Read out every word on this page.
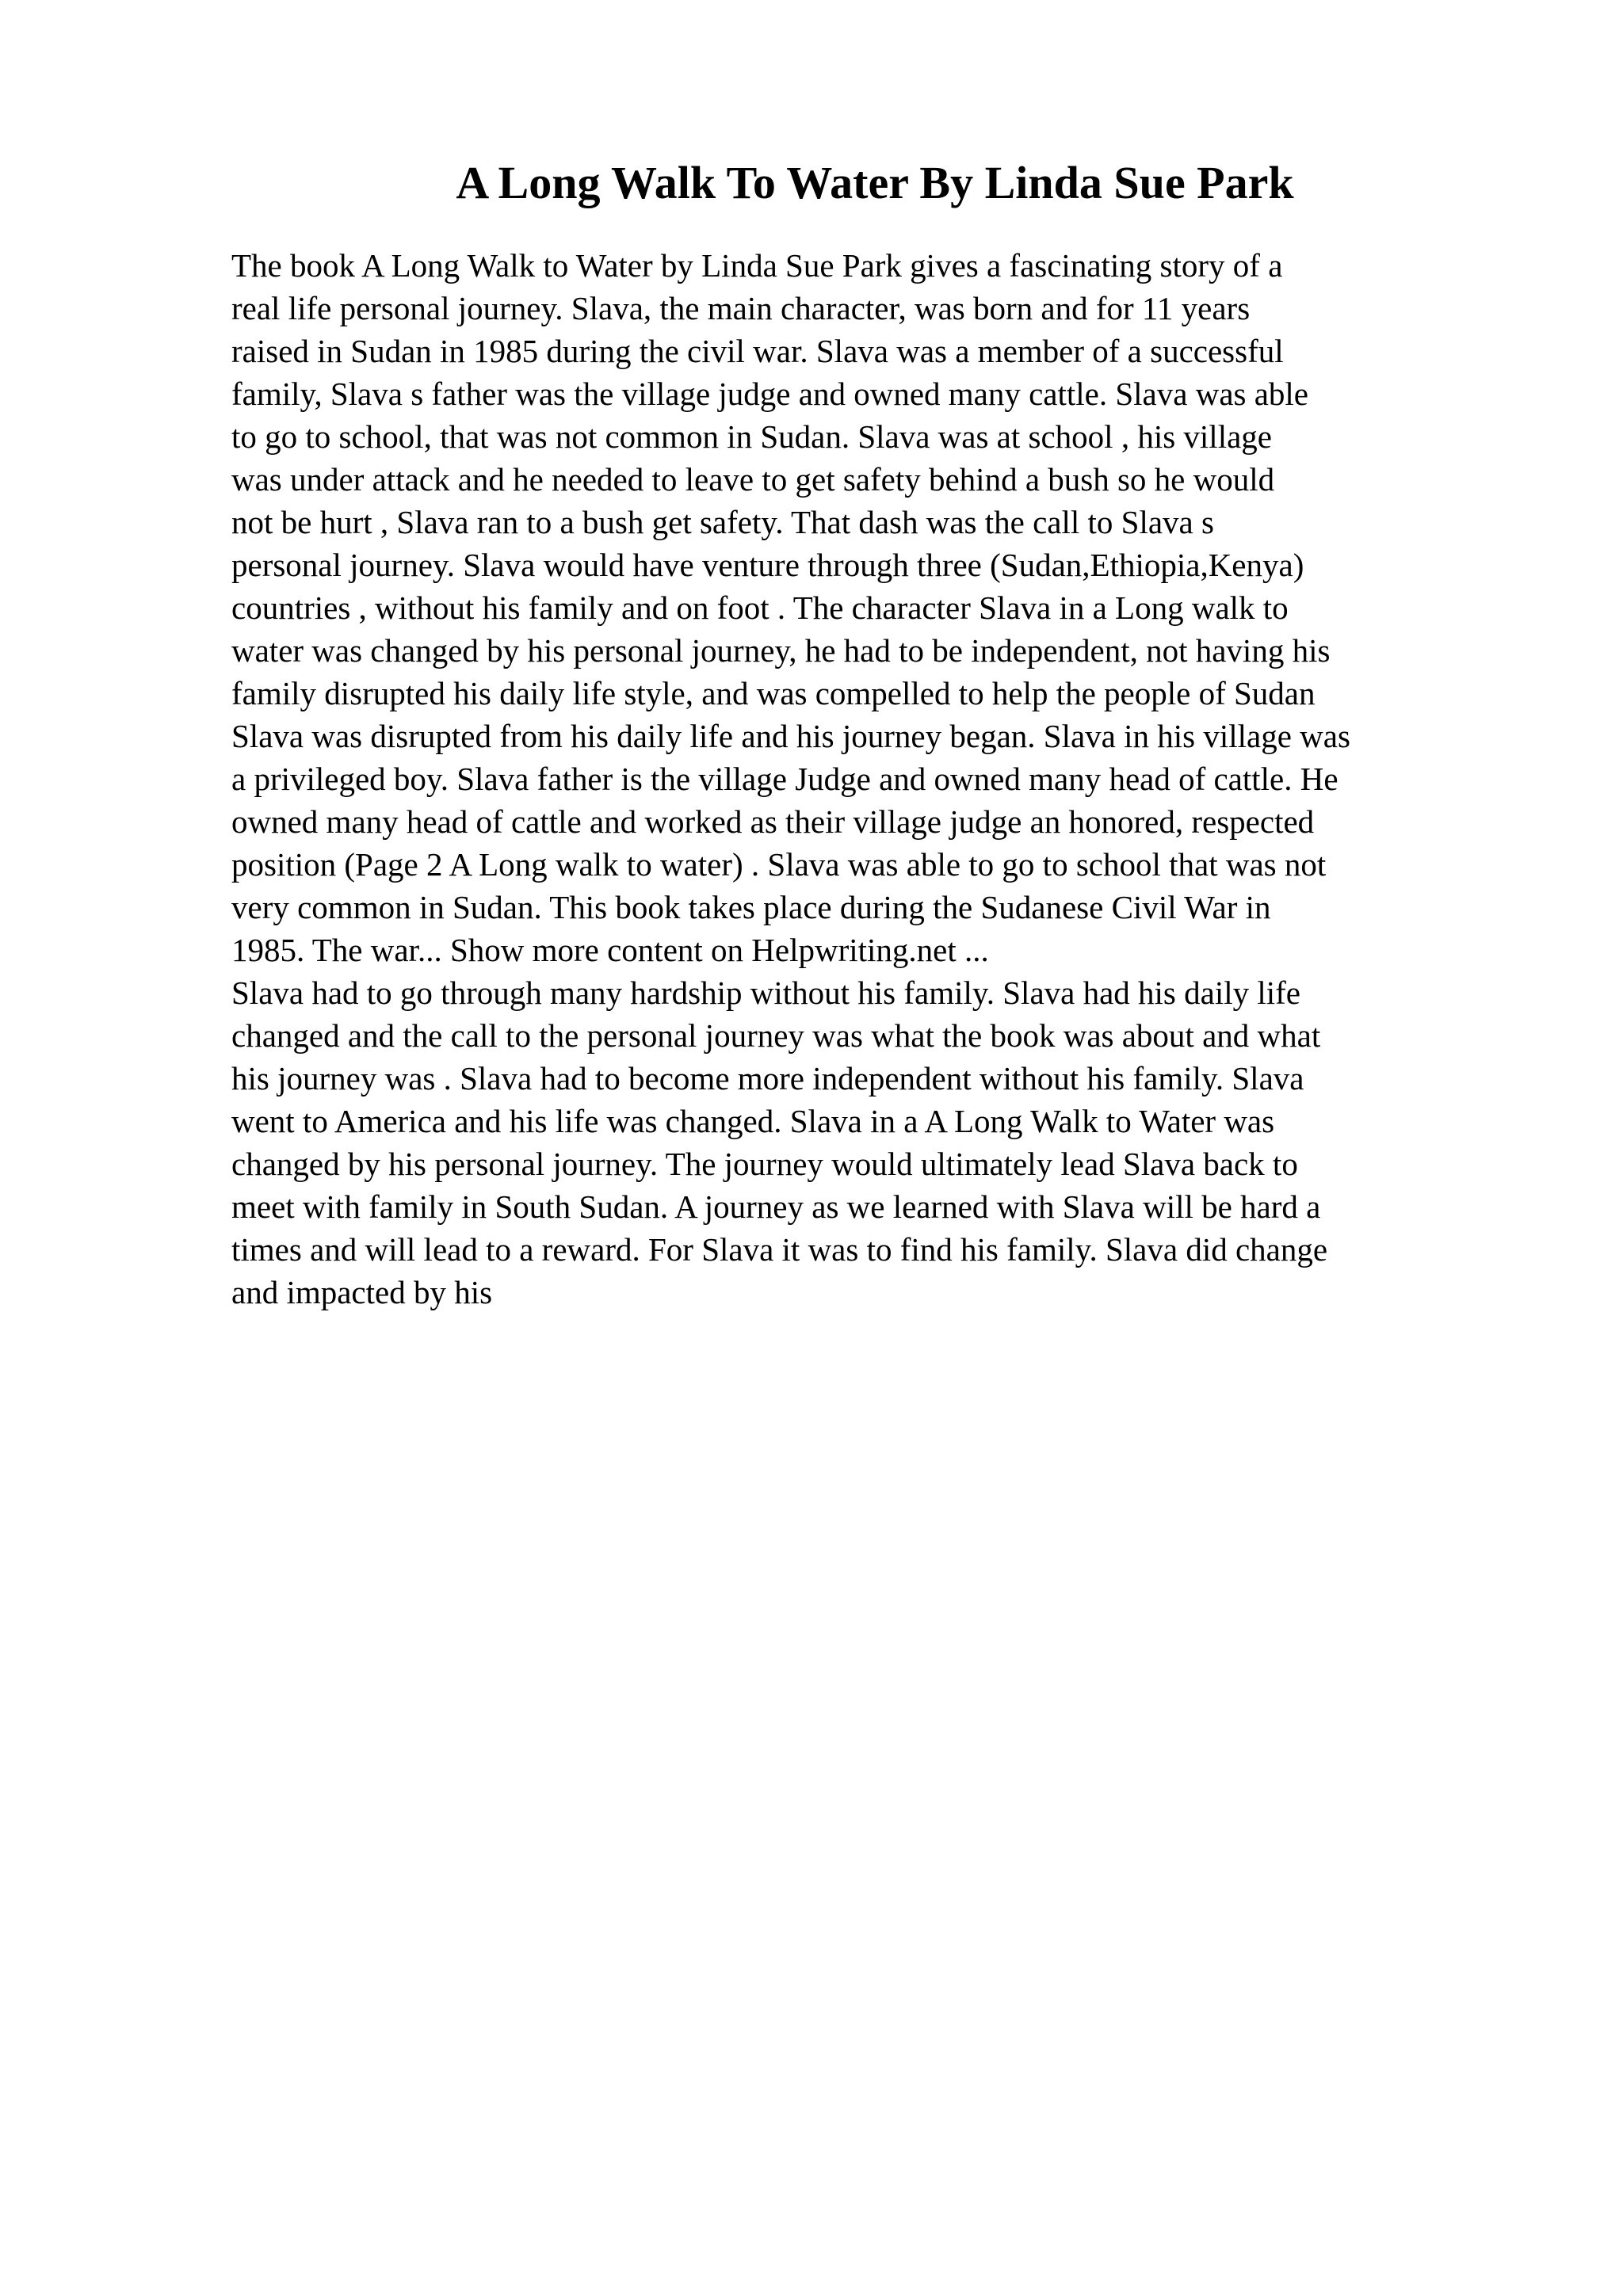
A Long Walk To Water By Linda Sue Park
The book A Long Walk to Water by Linda Sue Park gives a fascinating story of a
real life personal journey. Slava, the main character, was born and for 11 years
raised in Sudan in 1985 during the civil war. Slava was a member of a successful
family, Slava s father was the village judge and owned many cattle. Slava was able
to go to school, that was not common in Sudan. Slava was at school , his village
was under attack and he needed to leave to get safety behind a bush so he would
not be hurt , Slava ran to a bush get safety. That dash was the call to Slava s
personal journey. Slava would have venture through three (Sudan,Ethiopia,Kenya)
countries , without his family and on foot . The character Slava in a Long walk to
water was changed by his personal journey, he had to be independent, not having his
family disrupted his daily life style, and was compelled to help the people of Sudan
Slava was disrupted from his daily life and his journey began. Slava in his village was
a privileged boy. Slava father is the village Judge and owned many head of cattle. He
owned many head of cattle and worked as their village judge an honored, respected
position (Page 2 A Long walk to water) . Slava was able to go to school that was not
very common in Sudan. This book takes place during the Sudanese Civil War in
1985. The war... Show more content on Helpwriting.net ...
Slava had to go through many hardship without his family. Slava had his daily life
changed and the call to the personal journey was what the book was about and what
his journey was . Slava had to become more independent without his family. Slava
went to America and his life was changed. Slava in a A Long Walk to Water was
changed by his personal journey. The journey would ultimately lead Slava back to
meet with family in South Sudan. A journey as we learned with Slava will be hard a
times and will lead to a reward. For Slava it was to find his family. Slava did change
and impacted by his
